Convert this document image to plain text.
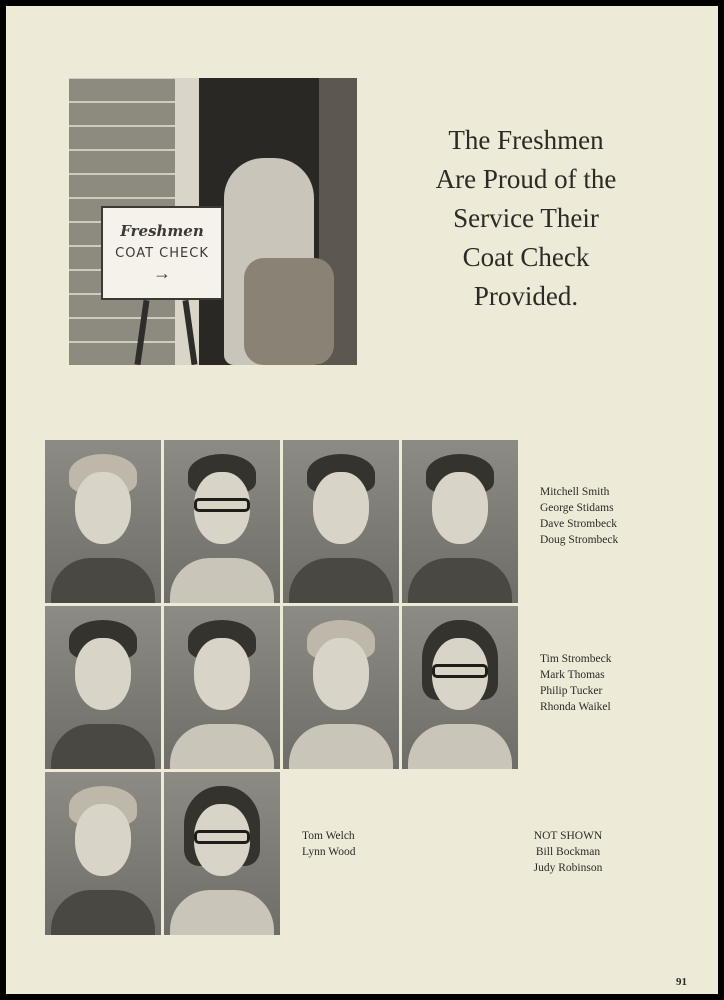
Freshmen
COAT CHECK
→
The Freshmen
Are Proud of the
Service Their
Coat Check
Provided.
Mitchell Smith
George Stidams
Dave Strombeck
Doug Strombeck
Tim Strombeck
Mark Thomas
Philip Tucker
Rhonda Waikel
Tom Welch
Lynn Wood
NOT SHOWN
Bill Bockman
Judy Robinson
91
